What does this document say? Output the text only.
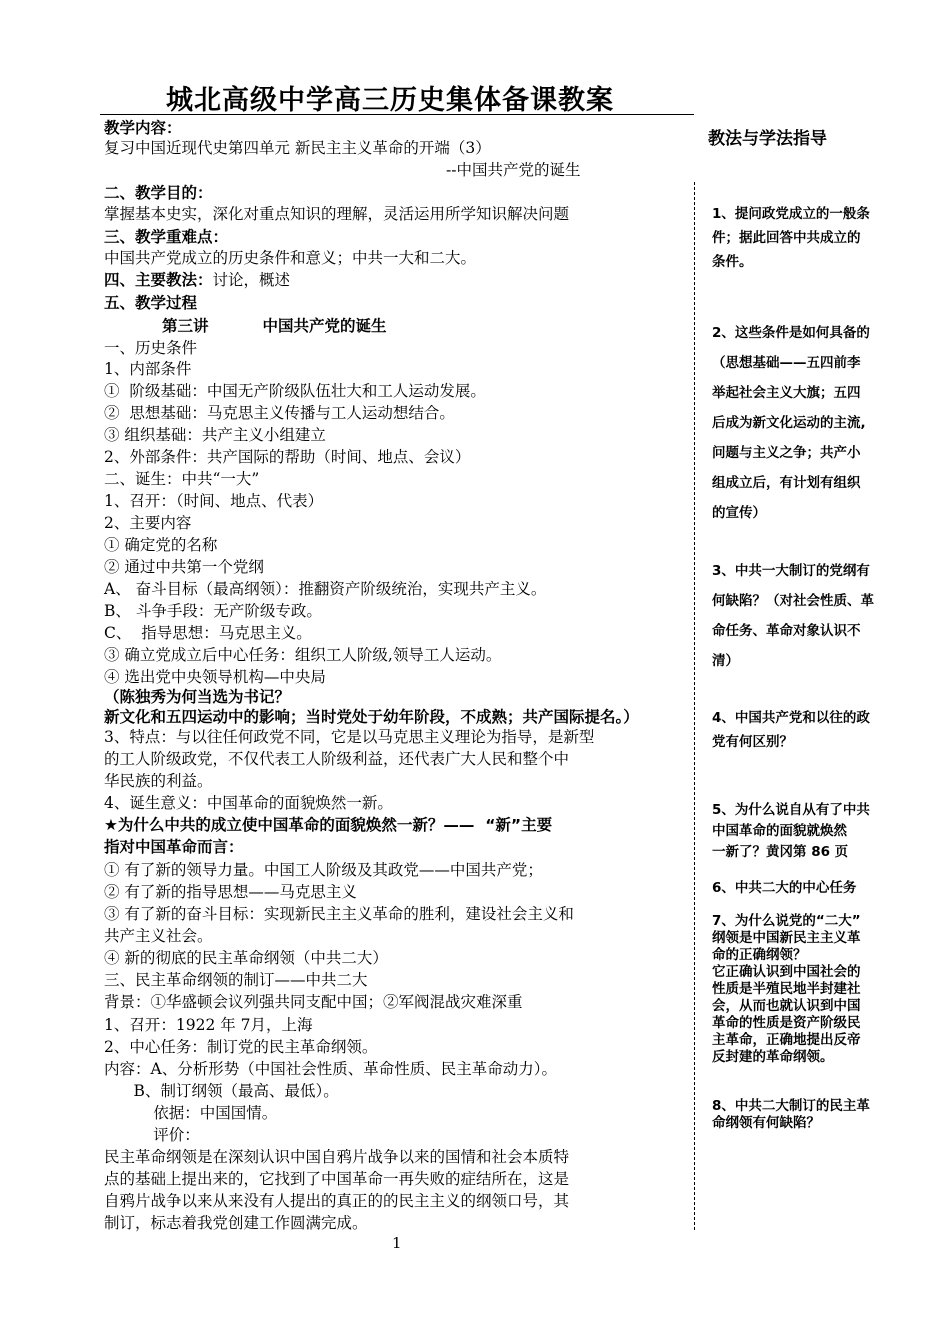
城北高级中学高三历史集体备课教案
教法与学法指导
1
教学内容：
复习中国近现代史第四单元 新民主主义革命的开端（3）
--中国共产党的诞生
二、教学目的：
掌握基本史实，深化对重点知识的理解，灵活运用所学知识解决问题
三、教学重难点：
中国共产党成立的历史条件和意义；中共一大和二大。
四、主要教法：讨论，概述
五、教学过程
第三讲          中国共产党的诞生
一、历史条件
1、内部条件
①  阶级基础：中国无产阶级队伍壮大和工人运动发展。
②  思想基础：马克思主义传播与工人运动想结合。
③ 组织基础：共产主义小组建立
2、外部条件：共产国际的帮助（时间、地点、会议）
二、诞生：中共“一大”
1、召开：（时间、地点、代表）
2、主要内容
① 确定党的名称
② 通过中共第一个党纲
A、 奋斗目标（最高纲领）：推翻资产阶级统治，实现共产主义。
B、 斗争手段：无产阶级专政。
C、  指导思想：马克思主义。
③ 确立党成立后中心任务：组织工人阶级,领导工人运动。
④ 选出党中央领导机构—中央局
（陈独秀为何当选为书记？
新文化和五四运动中的影响；当时党处于幼年阶段，不成熟；共产国际提名。）
3、特点：与以往任何政党不同，它是以马克思主义理论为指导，是新型
的工人阶级政党，不仅代表工人阶级利益，还代表广大人民和整个中
华民族的利益。
4、诞生意义：中国革命的面貌焕然一新。
★为什么中共的成立使中国革命的面貌焕然一新？——  “新”主要
指对中国革命而言：
① 有了新的领导力量。中国工人阶级及其政党——中国共产党；
② 有了新的指导思想——马克思主义
③ 有了新的奋斗目标：实现新民主主义革命的胜利，建设社会主义和
共产主义社会。
④ 新的彻底的民主革命纲领（中共二大）
三、民主革命纲领的制订——中共二大
背景：①华盛顿会议列强共同支配中国；②军阀混战灾难深重
1、召开：1922 年 7月，上海
2、中心任务：制订党的民主革命纲领。
内容：A、分析形势（中国社会性质、革命性质、民主革命动力）。
B、制订纲领（最高、最低）。
依据：中国国情。
评价：
民主革命纲领是在深刻认识中国自鸦片战争以来的国情和社会本质特
点的基础上提出来的，它找到了中国革命一再失败的症结所在，这是
自鸦片战争以来从来没有人提出的真正的的民主主义的纲领口号，其
制订，标志着我党创建工作圆满完成。
1、提问政党成立的一般条
件；据此回答中共成立的
条件。
2、这些条件是如何具备的
（思想基础——五四前李
举起社会主义大旗；五四
后成为新文化运动的主流,
问题与主义之争；共产小
组成立后，有计划有组织
的宣传）
3、中共一大制订的党纲有
何缺陷？（对社会性质、革
命任务、革命对象认识不
清）
4、中国共产党和以往的政
党有何区别？
5、为什么说自从有了中共
中国革命的面貌就焕然
一新了？黄冈第 86 页
6、中共二大的中心任务
7、为什么说党的“二大”
纲领是中国新民主主义革
命的正确纲领？
它正确认识到中国社会的
性质是半殖民地半封建社
会，从而也就认识到中国
革命的性质是资产阶级民
主革命，正确地提出反帝
反封建的革命纲领。
8、中共二大制订的民主革
命纲领有何缺陷？
